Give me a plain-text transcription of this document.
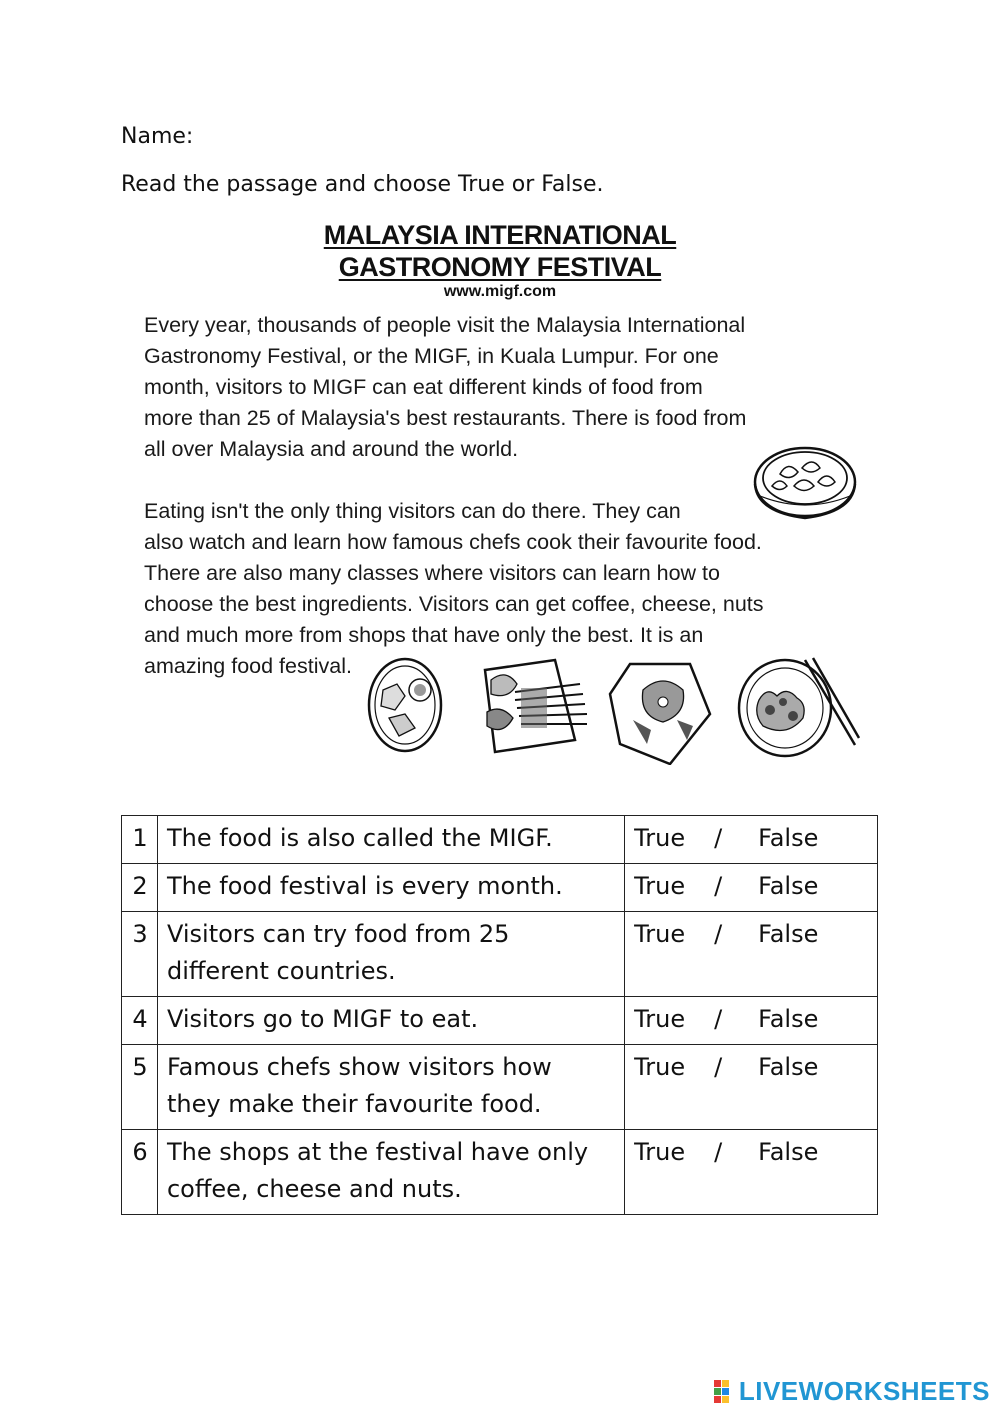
Name:
Read the passage and choose True or False.
MALAYSIA INTERNATIONAL
GASTRONOMY FESTIVAL
www.migf.com
Every year, thousands of people visit the Malaysia International
Gastronomy Festival, or the MIGF, in Kuala Lumpur. For one
month, visitors to MIGF can eat different kinds of food from
more than 25 of Malaysia's best restaurants. There is food from
all over Malaysia and around the world.
Eating isn't the only thing visitors can do there. They can
also watch and learn how famous chefs cook their favourite food.
There are also many classes where visitors can learn how to
choose the best ingredients. Visitors can get coffee, cheese, nuts
and much more from shops that have only the best. It is an
amazing food festival.
1	The food is also called the MIGF.	True / False
2	The food festival is every month.	True / False
3	Visitors can try food from 25
different countries.	True / False
4	Visitors go to MIGF to eat.	True / False
5	Famous chefs show visitors how
they make their favourite food.	True / False
6	The shops at the festival have only
coffee, cheese and nuts.	True / False
LIVEWORKSHEETS
